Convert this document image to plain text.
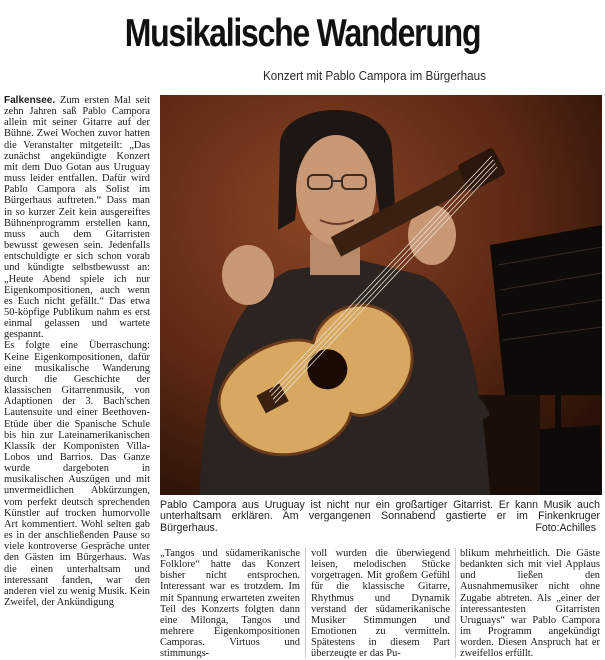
Musikalische Wanderung
Konzert mit Pablo Campora im Bürgerhaus

Falkensee. Zum ersten Mal seit zehn Jahren saß Pablo Campora allein mit seiner Gitarre auf der Bühne. Zwei Wochen zuvor hatten die Veranstalter mitgeteilt: „Das zunächst angekündigte Konzert mit dem Duo Gotan aus Uruguay muss leider entfallen. Dafür wird Pablo Campora als Solist im Bürgerhaus auftreten.“ Dass man in so kurzer Zeit kein ausgereiftes Bühnenprogramm erstellen kann, muss auch dem Gitarristen bewusst gewesen sein. Jedenfalls entschuldigte er sich schon vorab und kündigte selbstbewusst an: „Heute Abend spiele ich nur Eigenkompositionen, auch wenn es Euch nicht gefällt.“ Das etwa 50-köpfige Publikum nahm es erst einmal gelassen und wartete gespannt.

Es folgte eine Überraschung: Keine Eigenkompositionen, dafür eine musikalische Wanderung durch die Geschichte der klassischen Gitarrenmusik, von Adaptionen der 3. Bach'schen Lautensuite und einer Beethoven-Etüde über die Spanische Schule bis hin zur Lateinamerikanischen Klassik der Komponisten Villa-Lobos und Barrios. Das Ganze wurde dargeboten in musikalischen Auszügen und mit unvermeidlichen Abkürzungen, vom perfekt deutsch sprechenden Künstler auf trocken humorvolle Art kommentiert. Wohl selten gab es in der anschließenden Pause so viele kontroverse Gespräche unter den Gästen im Bürgerhaus. Was die einen unterhaltsam und interessant fanden, war den anderen viel zu wenig Musik. Kein Zweifel, der Ankündigung

Pablo Campora aus Uruguay ist nicht nur ein großartiger Gitarrist. Er kann Musik auch unterhaltsam erklären. Am vergangenen Sonnabend gastierte er im Finkenkruger Bürgerhaus.	Foto:Achilles
„Tangos und südamerikanische Folklore“ hatte das Konzert bisher nicht entsprochen. Interessant war es trotzdem. Im mit Spannung erwarteten zweiten Teil des Konzerts folgten dann eine Milonga, Tangos und mehrere Eigenkompositionen Camporas. Virtuos und stimmungs-
voll wurden die überwiegend leisen, melodischen Stücke vorgetragen. Mit großem Gefühl für die klassische Gitarre, Rhythmus und Dynamik verstand der südamerikanische Musiker Stimmungen und Emotionen zu vermitteln. Spätestens in diesem Part überzeugte er das Pu-
blikum mehrheitlich. Die Gäste bedankten sich mit viel Applaus und ließen den Ausnahmemusiker nicht ohne Zugabe abtreten. Als „einer der interessantesten Gitarristen Uruguays“ war Pablo Campora im Programm angekündigt worden. Diesen Anspruch hat er zweifellos erfüllt.
